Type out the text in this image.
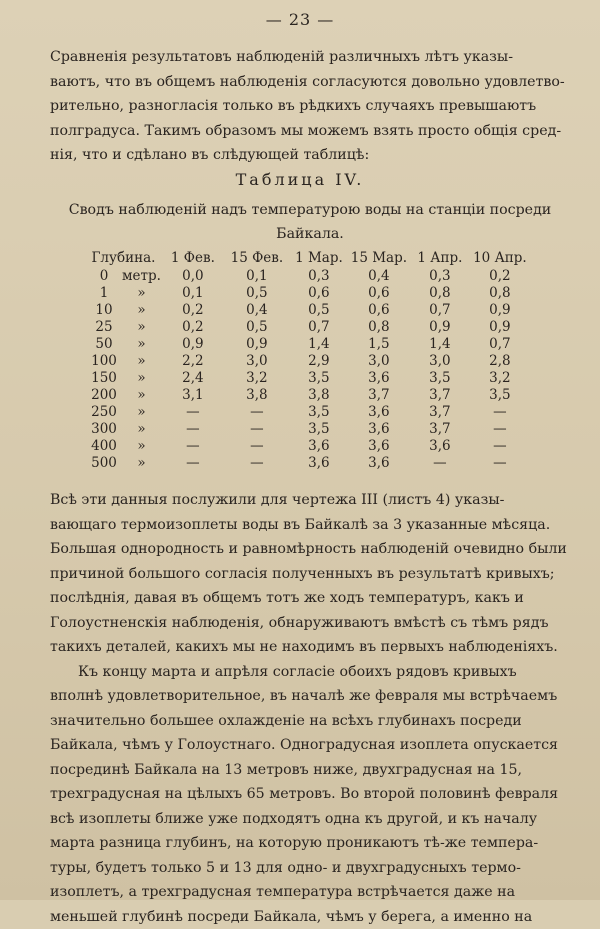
— 23 —
Сравненія результатовъ наблюденій различныхъ лѣтъ указы-
ваютъ, что въ общемъ наблюденія согласуются довольно удовлетво-
рительно, разногласія только въ рѣдкихъ случаяхъ превышаютъ
полградуса. Такимъ образомъ мы можемъ взять просто общія сред-
нія, что и сдѣлано въ слѣдующей таблицѣ:
Таблица IV.
Сводъ наблюденій надъ температурою воды на станціи посреди
Байкала.
Глубина.		1 Фев.	15 Фев.	1 Мар.	15 Мар.	1 Апр.	10 Апр.
0	метр.	0,0	0,1	0,3	0,4	0,3	0,2
1	»	0,1	0,5	0,6	0,6	0,8	0,8
10	»	0,2	0,4	0,5	0,6	0,7	0,9
25	»	0,2	0,5	0,7	0,8	0,9	0,9
50	»	0,9	0,9	1,4	1,5	1,4	0,7
100	»	2,2	3,0	2,9	3,0	3,0	2,8
150	»	2,4	3,2	3,5	3,6	3,5	3,2
200	»	3,1	3,8	3,8	3,7	3,7	3,5
250	»	—	—	3,5	3,6	3,7	—
300	»	—	—	3,5	3,6	3,7	—
400	»	—	—	3,6	3,6	3,6	—
500	»	—	—	3,6	3,6	—	—
Всѣ эти данныя послужили для чертежа III (листъ 4) указы-
вающаго термоизоплеты воды въ Байкалѣ за 3 указанные мѣсяца.
Большая однородность и равномѣрность наблюденій очевидно были
причиной большого согласія полученныхъ въ результатѣ кривыхъ;
послѣднія, давая въ общемъ тотъ же ходъ температуръ, какъ и
Голоустненскія наблюденія, обнаруживаютъ вмѣстѣ съ тѣмъ рядъ
такихъ деталей, какихъ мы не находимъ въ первыхъ наблюденіяхъ.
Къ концу марта и апрѣля согласіе обоихъ рядовъ кривыхъ
вполнѣ удовлетворительное, въ началѣ же февраля мы встрѣчаемъ
значительно большее охлажденіе на всѣхъ глубинахъ посреди
Байкала, чѣмъ у Голоустнаго. Одноградусная изоплета опускается
посрединѣ Байкала на 13 метровъ ниже, двухградусная на 15,
трехградусная на цѣлыхъ 65 метровъ. Во второй половинѣ февраля
всѣ изоплеты ближе уже подходятъ одна къ другой, и къ началу
марта разница глубинъ, на которую проникаютъ тѣ-же темпера-
туры, будетъ только 5 и 13 для одно- и двухградусныхъ термо-
изоплетъ, а трехградусная температура встрѣчается даже на
меньшей глубинѣ посреди Байкала, чѣмъ у берега, а именно на
